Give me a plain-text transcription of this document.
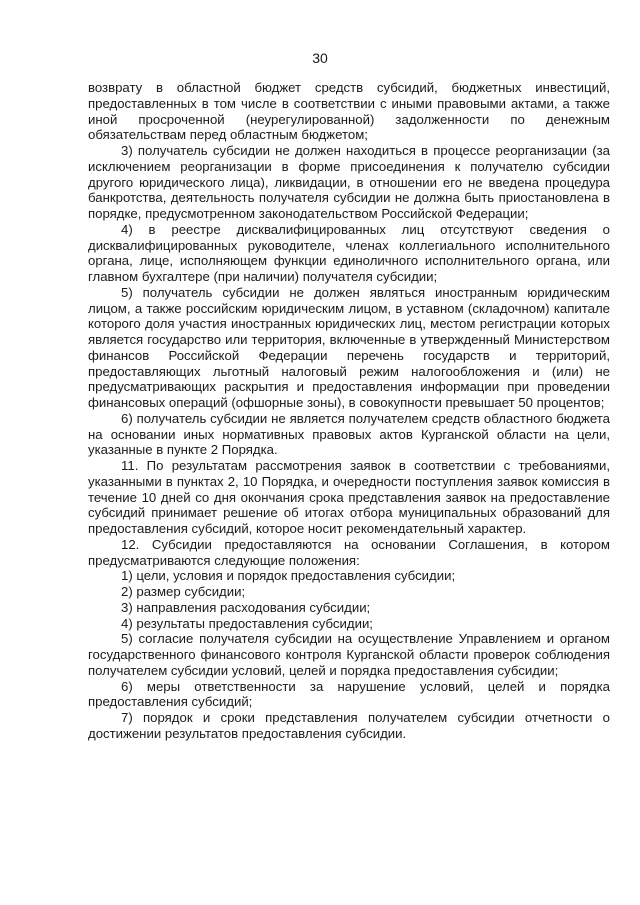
30

возврату в областной бюджет средств субсидий, бюджетных инвестиций, предоставленных в том числе в соответствии с иными правовыми актами, а также иной просроченной (неурегулированной) задолженности по денежным обязательствам перед областным бюджетом;

3) получатель субсидии не должен находиться в процессе реорганизации (за исключением реорганизации в форме присоединения к получателю субсидии другого юридического лица), ликвидации, в отношении его не введена процедура банкротства, деятельность получателя субсидии не должна быть приостановлена в порядке, предусмотренном законодательством Российской Федерации;

4) в реестре дисквалифицированных лиц отсутствуют сведения о дисквалифицированных руководителе, членах коллегиального исполнительного органа, лице, исполняющем функции единоличного исполнительного органа, или главном бухгалтере (при наличии) получателя субсидии;

5) получатель субсидии не должен являться иностранным юридическим лицом, а также российским юридическим лицом, в уставном (складочном) капитале которого доля участия иностранных юридических лиц, местом регистрации которых является государство или территория, включенные в утвержденный Министерством финансов Российской Федерации перечень государств и территорий, предоставляющих льготный налоговый режим налогообложения и (или) не предусматривающих раскрытия и предоставления информации при проведении финансовых операций (офшорные зоны), в совокупности превышает 50 процентов;

6) получатель субсидии не является получателем средств областного бюджета на основании иных нормативных правовых актов Курганской области на цели, указанные в пункте 2 Порядка.

11. По результатам рассмотрения заявок в соответствии с требованиями, указанными в пунктах 2, 10 Порядка, и очередности поступления заявок комиссия в течение 10 дней со дня окончания срока представления заявок на предоставление субсидий принимает решение об итогах отбора муниципальных образований для предоставления субсидий, которое носит рекомендательный характер.

12. Субсидии предоставляются на основании Соглашения, в котором предусматриваются следующие положения:

1) цели, условия и порядок предоставления субсидии;

2) размер субсидии;

3) направления расходования субсидии;

4) результаты предоставления субсидии;

5) согласие получателя субсидии на осуществление Управлением и органом государственного финансового контроля Курганской области проверок соблюдения получателем субсидии условий, целей и порядка предоставления субсидии;

6) меры ответственности за нарушение условий, целей и порядка предоставления субсидий;

7) порядок и сроки представления получателем субсидии отчетности о достижении результатов предоставления субсидии.
